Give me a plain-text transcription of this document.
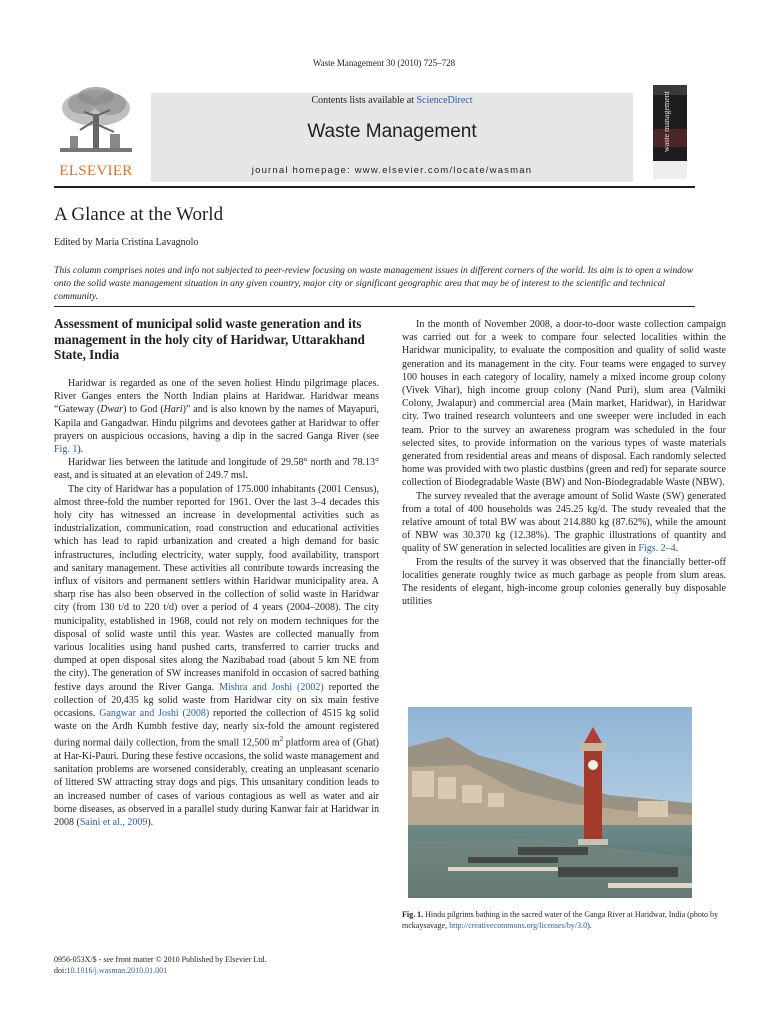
Waste Management 30 (2010) 725–728
ELSEVIER
Contents lists available at ScienceDirect
Waste Management
journal homepage: www.elsevier.com/locate/wasman
waste management
A Glance at the World
Edited by Maria Cristina Lavagnolo
This column comprises notes and info not subjected to peer-review focusing on waste management issues in different corners of the world. Its aim is to open a window onto the solid waste management situation in any given country, major city or significant geographic area that may be of interest to the scientific and technical community.
Assessment of municipal solid waste generation and its management in the holy city of Haridwar, Uttarakhand State, India

Haridwar is regarded as one of the seven holiest Hindu pilgrimage places. River Ganges enters the North Indian plains at Haridwar. Haridwar means “Gateway (Dwar) to God (Hari)” and is also known by the names of Mayapuri, Kapila and Gangadwar. Hindu pilgrims and devotees gather at Haridwar to offer prayers on auspicious occasions, having a dip in the sacred Ganga River (see Fig. 1).

Haridwar lies between the latitude and longitude of 29.58° north and 78.13° east, and is situated at an elevation of 249.7 msl.

The city of Haridwar has a population of 175.000 inhabitants (2001 Census), almost three-fold the number reported for 1961. Over the last 3–4 decades this holy city has witnessed an increase in developmental activities such as industrialization, communication, road construction and educational activities which has lead to rapid urbanization and created a high demand for basic infrastructures, including electricity, water supply, food availability, transport and sanitary management. These activities all contribute towards increasing the influx of visitors and permanent settlers within Haridwar municipality area. A sharp rise has also been observed in the collection of solid waste in Haridwar city (from 130 t/d to 220 t/d) over a period of 4 years (2004–2008). The city municipality, established in 1968, could not rely on modern techniques for the disposal of solid waste until this year. Wastes are collected manually from various localities using hand pushed carts, transferred to carrier trucks and dumped at open disposal sites along the Nazibabad road (about 5 km NE from the city). The generation of SW increases manifold in occasion of sacred bathing festive days around the River Ganga. Mishra and Joshi (2002) reported the collection of 20,435 kg solid waste from Haridwar city on six main festive occasions. Gangwar and Joshi (2008) reported the collection of 4515 kg solid waste on the Ardh Kumbh festive day, nearly six-fold the amount registered during normal daily collection, from the small 12,500 $m^2$ platform area of (Ghat) at Har-Ki-Pauri. During these festive occasions, the solid waste management and sanitation problems are worsened considerably, creating an unpleasant scenario of littered SW attracting stray dogs and pigs. This unsanitary condition leads to an increased number of cases of various contagious as well as water and air borne diseases, as observed in a parallel study during Kanwar fair at Haridwar in 2008 (Saini et al., 2009).

In the month of November 2008, a door-to-door waste collection campaign was carried out for a week to compare four selected localities within the Haridwar municipality, to evaluate the composition and quality of solid waste generation and its management in the city. Four teams were engaged to survey 100 houses in each category of locality, namely a mixed income group colony (Vivek Vihar), high income group colony (Nand Puri), slum area (Valmiki Colony, Jwalapur) and commercial area (Main market, Haridwar), in Haridwar city. Two trained research volunteers and one sweeper were included in each team. Prior to the survey an awareness program was scheduled in the four selected sites, to provide information on the various types of waste materials generated from residential areas and means of disposal. Each randomly selected home was provided with two plastic dustbins (green and red) for separate source collection of Biodegradable Waste (BW) and Non-Biodegradable Waste (NBW).

The survey revealed that the average amount of Solid Waste (SW) generated from a total of 400 households was 245.25 kg/d. The study revealed that the relative amount of total BW was about 214.880 kg (87.62%), while the amount of NBW was 30.370 kg (12.38%). The graphic illustrations of quantity and quality of SW generation in selected localities are given in Figs. 2–4.

From the results of the survey it was observed that the financially better-off localities generate roughly twice as much garbage as people from slum areas. The residents of elegant, high-income group colonies generally buy disposable utilities

Fig. 1. Hindu pilgrims bathing in the sacred water of the Ganga River at Haridwar, India (photo by mckaysavage, http://creativecommons.org/licenses/by/3.0).
0956-053X/$ - see front matter © 2010 Published by Elsevier Ltd.
doi:10.1016/j.wasman.2010.01.001
